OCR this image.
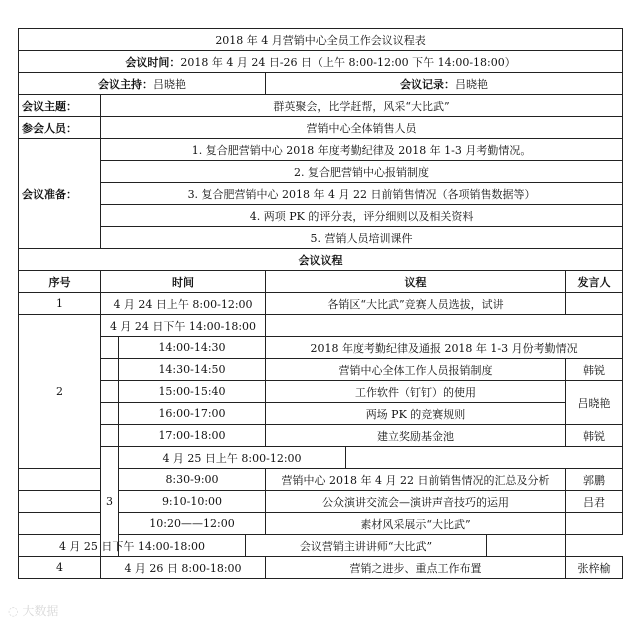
2018 年 4 月营销中心全员工作会议议程表							
会议时间：2018 年 4 月 24 日-26 日（上午 8:00-12:00 下午 14:00-18:00）							
会议主持：吕晓艳				会议记录：吕晓艳			
会议主题：	群英聚会，比学赶帮，风采“大比武”						
参会人员：	营销中心全体销售人员						
会议准备：	1. 复合肥营销中心 2018 年度考勤纪律及 2018 年 1-3 月考勤情况。						
	2. 复合肥营销中心报销制度						
	3. 复合肥营销中心 2018 年 4 月 22 日前销售情况（各项销售数据等）						
	4. 两项 PK 的评分表，评分细则以及相关资料						
	5. 营销人员培训课件						
会议议程							
序号	时间			议程			发言人
1	4 月 24 日上午 8:00-12:00			各销区“大比武”竞赛人员选拔，试讲			
2	4 月 24 日下午 14:00-18:00						
		14:00-14:30		2018 年度考勤纪律及通报 2018 年 1-3 月份考勤情况			
		14:30-14:50		营销中心全体工作人员报销制度			韩锐
		15:00-15:40		工作软件（钉钉）的使用			吕晓艳
		16:00-17:00		两场 PK 的竞赛规则			
		17:00-18:00		建立奖励基金池			韩锐
	3	4 月 25 日上午 8:00-12:00					
		8:30-9:00		营销中心 2018 年 4 月 22 日前销售情况的汇总及分析			郭鹏
		9:10-10:00		公众演讲交流会—演讲声音技巧的运用			吕君
		10:20——12:00		素材风采展示“大比武”			
4 月 25 日下午 14:00-18:00			会议营销主讲讲师“大比武”				
4	4 月 26 日 8:00-18:00			营销之进步、重点工作布置			张梓榆
◌ 大数据
